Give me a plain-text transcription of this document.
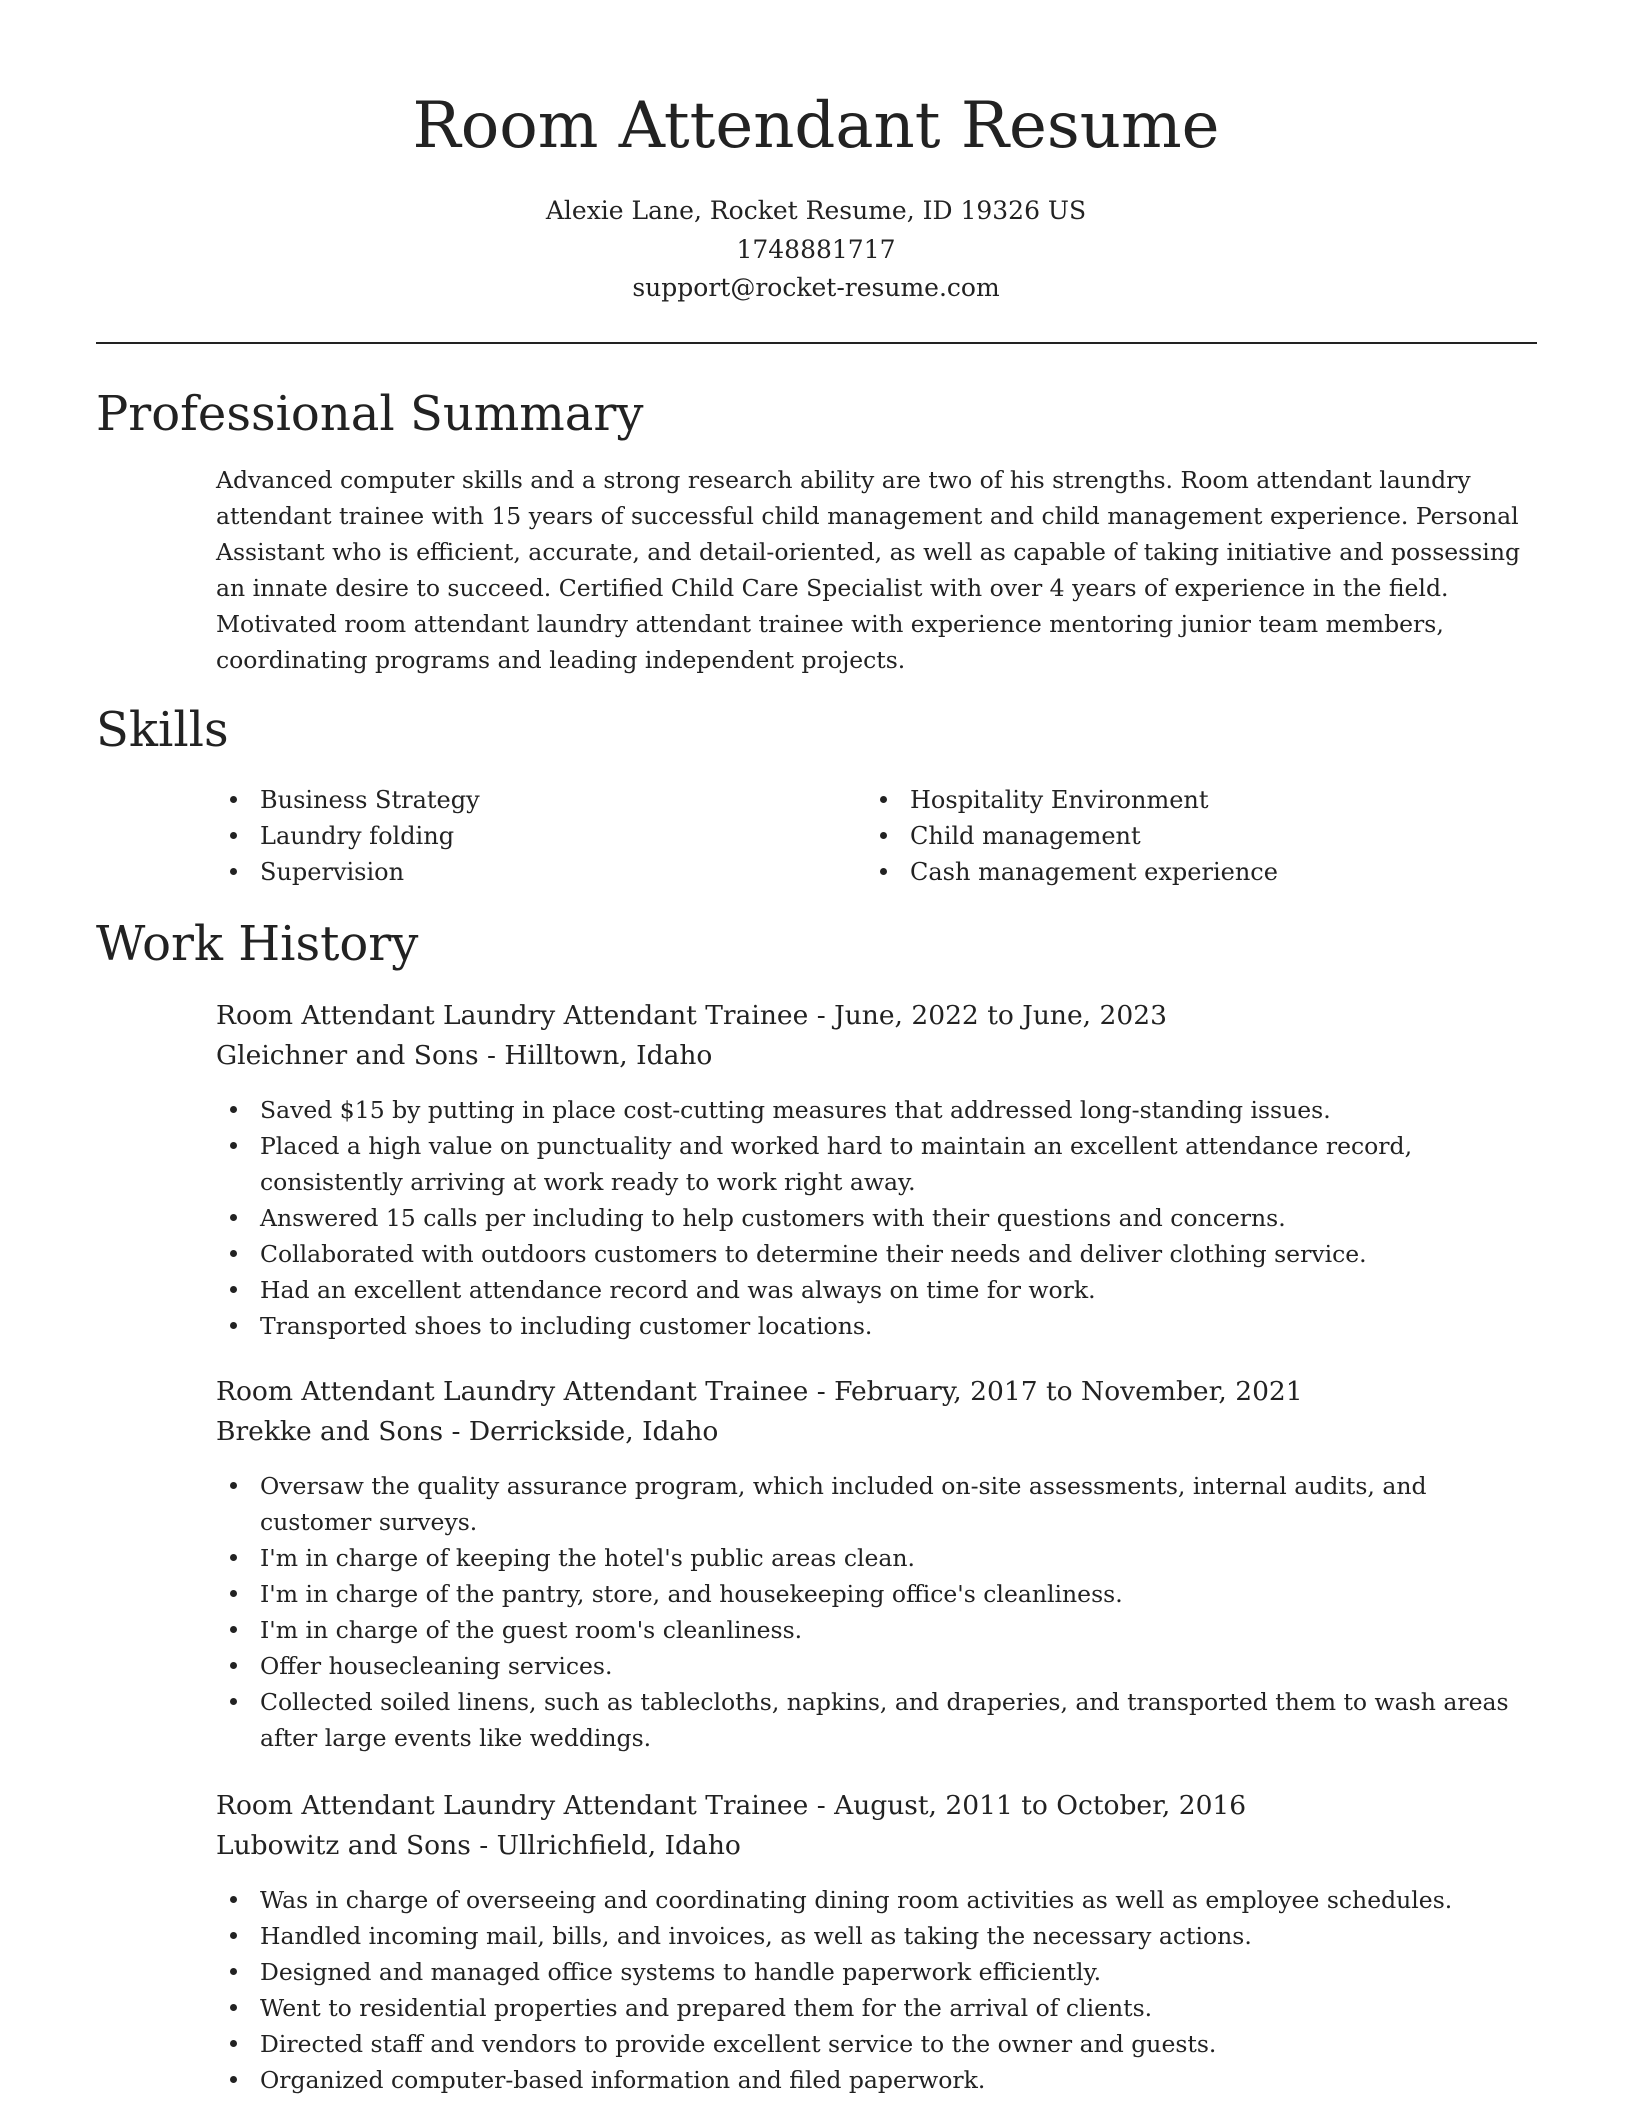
Room Attendant Resume
Alexie Lane, Rocket Resume, ID 19326 US
1748881717
support@rocket-resume.com
Professional Summary

Advanced computer skills and a strong research ability are two of his strengths. Room attendant laundry attendant trainee with 15 years of successful child management and child management experience. Personal Assistant who is efficient, accurate, and detail-oriented, as well as capable of taking initiative and possessing an innate desire to succeed. Certified Child Care Specialist with over 4 years of experience in the field. Motivated room attendant laundry attendant trainee with experience mentoring junior team members, coordinating programs and leading independent projects.

Skills
Business Strategy
Laundry folding
Supervision
Hospitality Environment
Child management
Cash management experience
Work History
Room Attendant Laundry Attendant Trainee - June, 2022 to June, 2023
Gleichner and Sons - Hilltown, Idaho
Saved $15 by putting in place cost-cutting measures that addressed long-standing issues.
Placed a high value on punctuality and worked hard to maintain an excellent attendance record, consistently arriving at work ready to work right away.
Answered 15 calls per including to help customers with their questions and concerns.
Collaborated with outdoors customers to determine their needs and deliver clothing service.
Had an excellent attendance record and was always on time for work.
Transported shoes to including customer locations.
Room Attendant Laundry Attendant Trainee - February, 2017 to November, 2021
Brekke and Sons - Derrickside, Idaho
Oversaw the quality assurance program, which included on-site assessments, internal audits, and customer surveys.
I'm in charge of keeping the hotel's public areas clean.
I'm in charge of the pantry, store, and housekeeping office's cleanliness.
I'm in charge of the guest room's cleanliness.
Offer housecleaning services.
Collected soiled linens, such as tablecloths, napkins, and draperies, and transported them to wash areas after large events like weddings.
Room Attendant Laundry Attendant Trainee - August, 2011 to October, 2016
Lubowitz and Sons - Ullrichfield, Idaho
Was in charge of overseeing and coordinating dining room activities as well as employee schedules.
Handled incoming mail, bills, and invoices, as well as taking the necessary actions.
Designed and managed office systems to handle paperwork efficiently.
Went to residential properties and prepared them for the arrival of clients.
Directed staff and vendors to provide excellent service to the owner and guests.
Organized computer-based information and filed paperwork.
